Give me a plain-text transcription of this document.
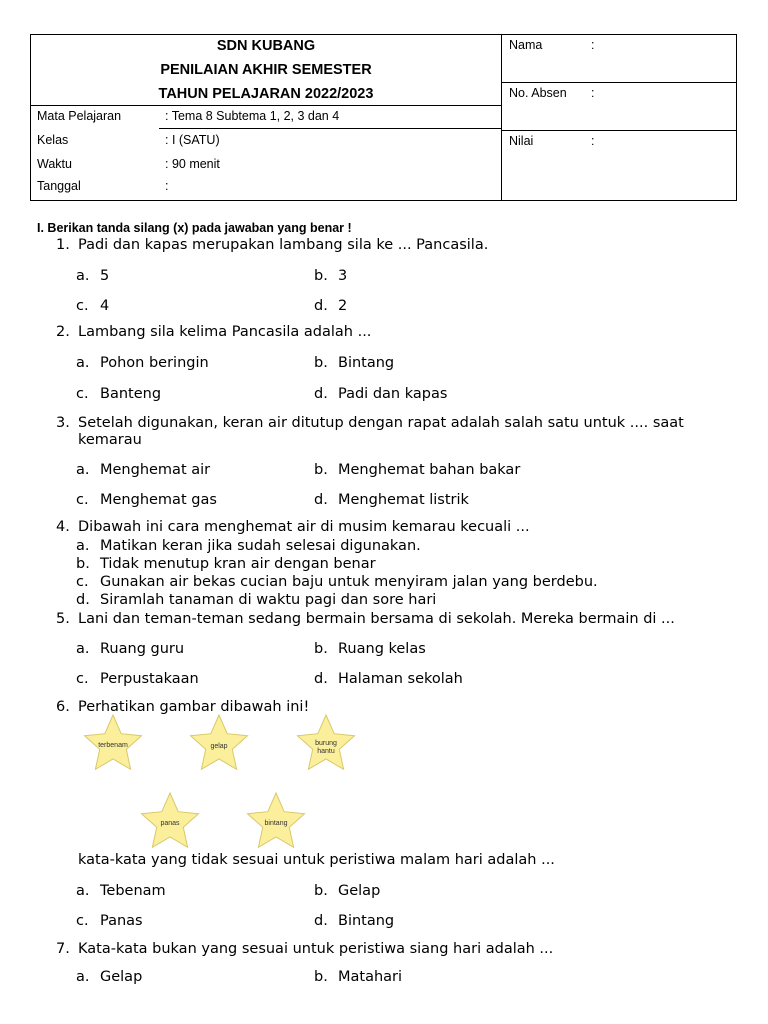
SDN KUBANG
PENILAIAN AKHIR SEMESTER
TAHUN PELAJARAN 2022/2023
Mata Pelajaran	: Tema 8 Subtema 1, 2, 3 dan 4
Kelas	: I (SATU)
Waktu	: 90 menit
Tanggal	:
Nama	:
No. Absen :
Nilai	:
I. Berikan tanda silang (x) pada jawaban yang benar !
1. Padi dan kapas merupakan lambang sila ke ... Pancasila.
a. 5	b. 3
c. 4	d. 2
2. Lambang sila kelima Pancasila adalah ...
a. Pohon beringin	b. Bintang
c. Banteng	d. Padi dan kapas
3. Setelah digunakan, keran air ditutup dengan rapat adalah salah satu untuk .... saat kemarau
a. Menghemat air	b. Menghemat bahan bakar
c. Menghemat gas	d. Menghemat listrik
4. Dibawah ini cara menghemat air di musim kemarau kecuali ...
a. Matikan keran jika sudah selesai digunakan.
b. Tidak menutup kran air dengan benar
c. Gunakan air bekas cucian baju untuk menyiram jalan yang berdebu.
d. Siramlah tanaman di waktu pagi dan sore hari
5. Lani dan teman-teman sedang bermain bersama di sekolah. Mereka bermain di ...
a. Ruang guru	b. Ruang kelas
c. Perpustakaan	d. Halaman sekolah
6. Perhatikan gambar dibawah ini!
terbenam	gelap	burung
hantu
panas	bintang
kata-kata yang tidak sesuai untuk peristiwa malam hari adalah ...
a. Tebenam	b. Gelap
c. Panas	d. Bintang
7. Kata-kata bukan yang sesuai untuk peristiwa siang hari adalah ...
a. Gelap	b. Matahari
